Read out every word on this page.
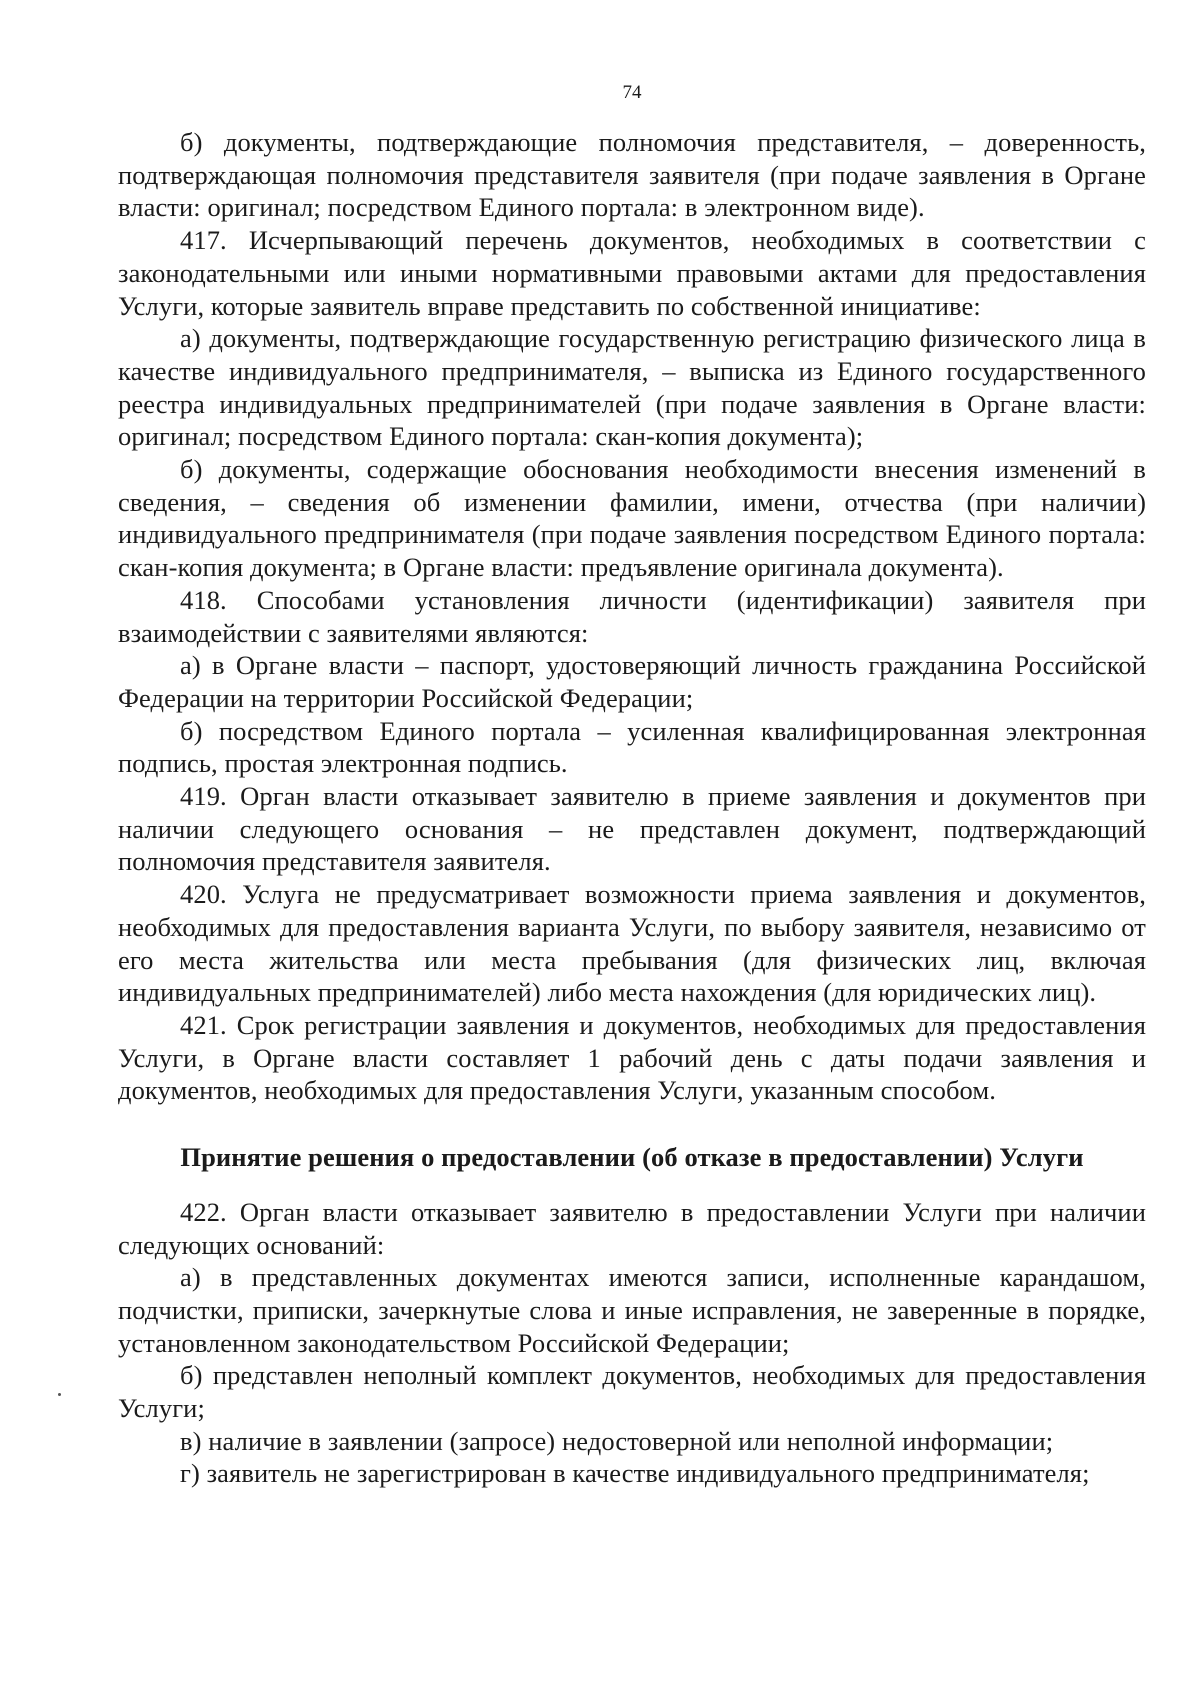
74

б) документы, подтверждающие полномочия представителя, – доверенность, подтверждающая полномочия представителя заявителя (при подаче заявления в Органе власти: оригинал; посредством Единого портала: в электронном виде).

417. Исчерпывающий перечень документов, необходимых в соответствии с законодательными или иными нормативными правовыми актами для предоставления Услуги, которые заявитель вправе представить по собственной инициативе:

а) документы, подтверждающие государственную регистрацию физического лица в качестве индивидуального предпринимателя, – выписка из Единого государственного реестра индивидуальных предпринимателей (при подаче заявления в Органе власти: оригинал; посредством Единого портала: скан-копия документа);

б) документы, содержащие обоснования необходимости внесения изменений в сведения, – сведения об изменении фамилии, имени, отчества (при наличии) индивидуального предпринимателя (при подаче заявления посредством Единого портала: скан-копия документа; в Органе власти: предъявление оригинала документа).

418. Способами установления личности (идентификации) заявителя при взаимодействии с заявителями являются:

а) в Органе власти – паспорт, удостоверяющий личность гражданина Российской Федерации на территории Российской Федерации;

б) посредством Единого портала – усиленная квалифицированная электронная подпись, простая электронная подпись.

419. Орган власти отказывает заявителю в приеме заявления и документов при наличии следующего основания – не представлен документ, подтверждающий полномочия представителя заявителя.

420. Услуга не предусматривает возможности приема заявления и документов, необходимых для предоставления варианта Услуги, по выбору заявителя, независимо от его места жительства или места пребывания (для физических лиц, включая индивидуальных предпринимателей) либо места нахождения (для юридических лиц).

421. Срок регистрации заявления и документов, необходимых для предоставления Услуги, в Органе власти составляет 1 рабочий день с даты подачи заявления и документов, необходимых для предоставления Услуги, указанным способом.

Принятие решения о предоставлении (об отказе в предоставлении) Услуги

422. Орган власти отказывает заявителю в предоставлении Услуги при наличии следующих оснований:

а) в представленных документах имеются записи, исполненные карандашом, подчистки, приписки, зачеркнутые слова и иные исправления, не заверенные в порядке, установленном законодательством Российской Федерации;

б) представлен неполный комплект документов, необходимых для предоставления Услуги;

в) наличие в заявлении (запросе) недостоверной или неполной информации;

г) заявитель не зарегистрирован в качестве индивидуального предпринимателя;
